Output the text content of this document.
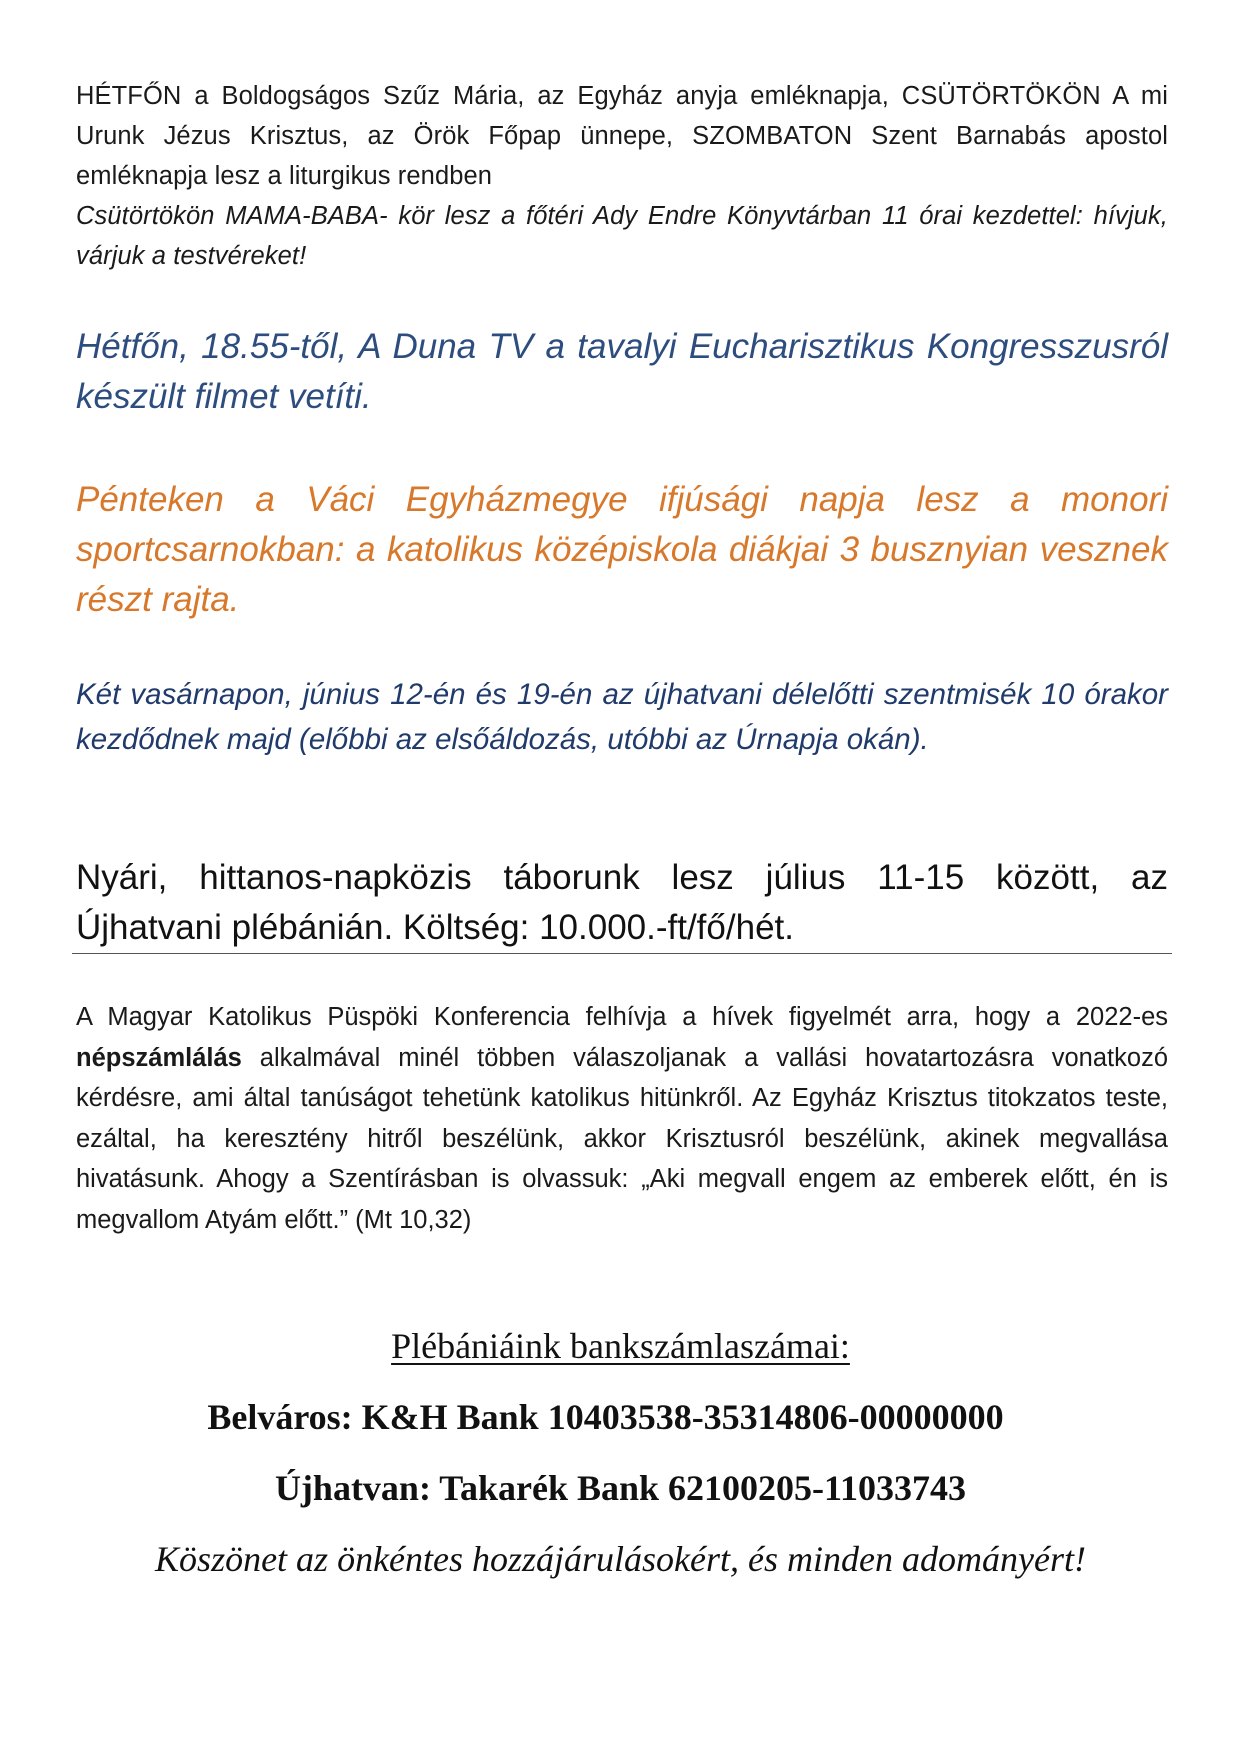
HÉTFŐN a Boldogságos Szűz Mária, az Egyház anyja emléknapja, CSÜTÖRTÖKÖN A mi Urunk Jézus Krisztus, az Örök Főpap ünnepe, SZOMBATON Szent Barnabás apostol emléknapja lesz a liturgikus rendben
Csütörtökön MAMA-BABA- kör lesz a főtéri Ady Endre Könyvtárban 11 órai kezdettel: hívjuk, várjuk a testvéreket!
Hétfőn, 18.55-től, A Duna TV a tavalyi Eucharisztikus Kongresszusról készült filmet vetíti.
Pénteken a Váci Egyházmegye ifjúsági napja lesz a monori sportcsarnokban: a katolikus középiskola diákjai 3 busznyian vesznek részt rajta.
Két vasárnapon, június 12-én és 19-én az újhatvani délelőtti szentmisék 10 órakor kezdődnek majd (előbbi az elsőáldozás, utóbbi az Úrnapja okán).
Nyári, hittanos-napközis táborunk lesz július 11-15 között, az Újhatvani plébánián. Költség: 10.000.-ft/fő/hét.
A Magyar Katolikus Püspöki Konferencia felhívja a hívek figyelmét arra, hogy a 2022-es népszámlálás alkalmával minél többen válaszoljanak a vallási hovatartozásra vonatkozó kérdésre, ami által tanúságot tehetünk katolikus hitünkről. Az Egyház Krisztus titokzatos teste, ezáltal, ha keresztény hitről beszélünk, akkor Krisztusról beszélünk, akinek megvallása hivatásunk. Ahogy a Szentírásban is olvassuk: „Aki megvall engem az emberek előtt, én is megvallom Atyám előtt.” (Mt 10,32)
Plébániáink bankszámlaszámai:
Belváros: K&H Bank 10403538-35314806-00000000
Újhatvan: Takarék Bank 62100205-11033743
Köszönet az önkéntes hozzájárulásokért, és minden adományért!
